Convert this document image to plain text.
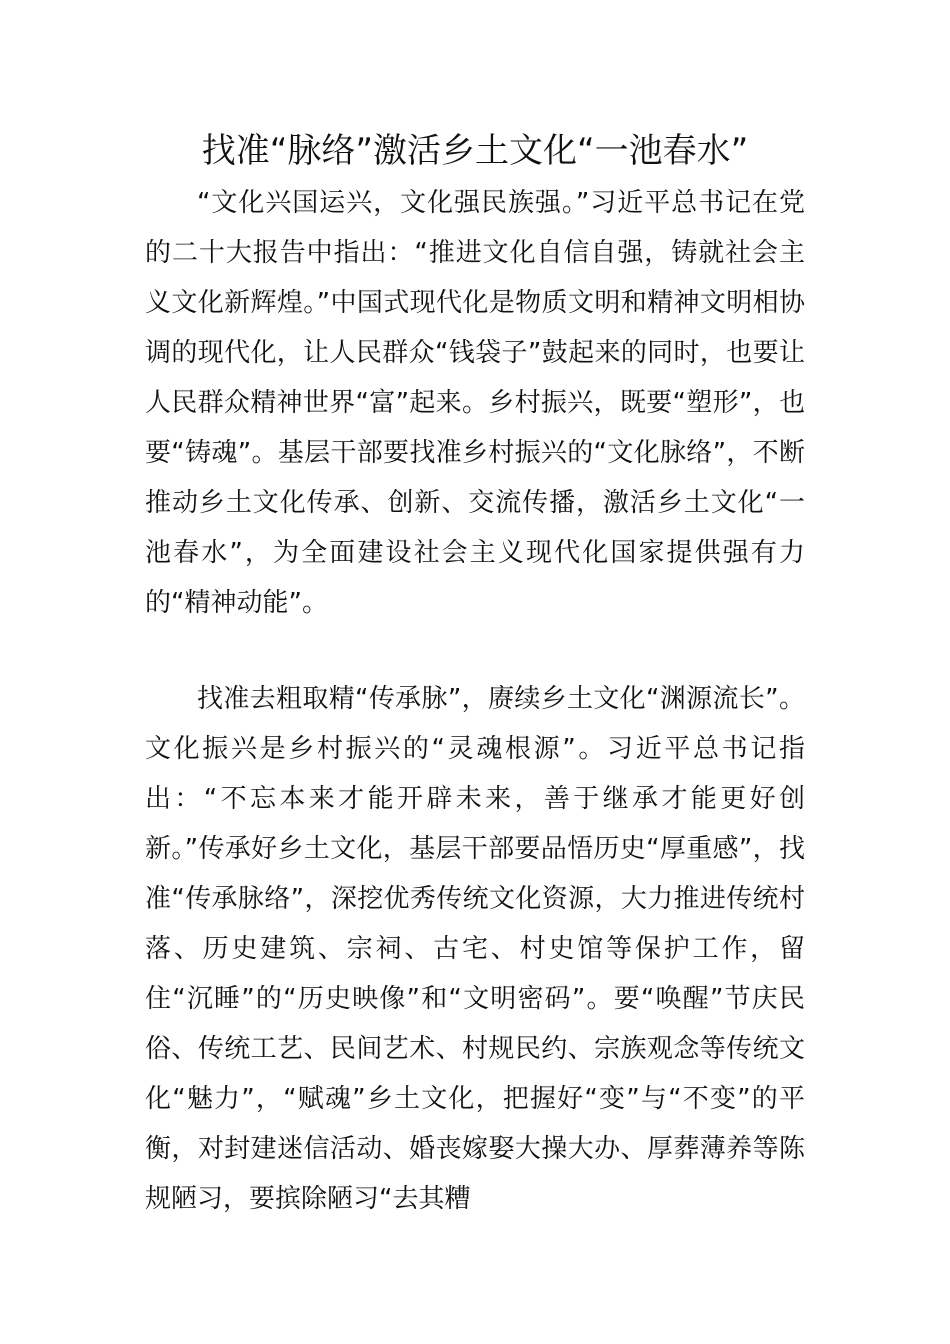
找准“脉络”激活乡土文化“一池春水”

“文化兴国运兴，文化强民族强。”习近平总书记在党的二十大报告中指出：“推进文化自信自强，铸就社会主义文化新辉煌。”中国式现代化是物质文明和精神文明相协调的现代化，让人民群众“钱袋子”鼓起来的同时，也要让人民群众精神世界“富”起来。乡村振兴，既要“塑形”，也要“铸魂”。基层干部要找准乡村振兴的“文化脉络”，不断推动乡土文化传承、创新、交流传播，激活乡土文化“一池春水”，为全面建设社会主义现代化国家提供强有力的“精神动能”。

找准去粗取精“传承脉”，赓续乡土文化“渊源流长”。文化振兴是乡村振兴的“灵魂根源”。习近平总书记指出：“不忘本来才能开辟未来，善于继承才能更好创新。”传承好乡土文化，基层干部要品悟历史“厚重感”，找准“传承脉络”，深挖优秀传统文化资源，大力推进传统村落、历史建筑、宗祠、古宅、村史馆等保护工作，留住“沉睡”的“历史映像”和“文明密码”。要“唤醒”节庆民俗、传统工艺、民间艺术、村规民约、宗族观念等传统文化“魅力”，“赋魂”乡土文化，把握好“变”与“不变”的平衡，对封建迷信活动、婚丧嫁娶大操大办、厚葬薄养等陈规陋习，要摈除陋习“去其糟
